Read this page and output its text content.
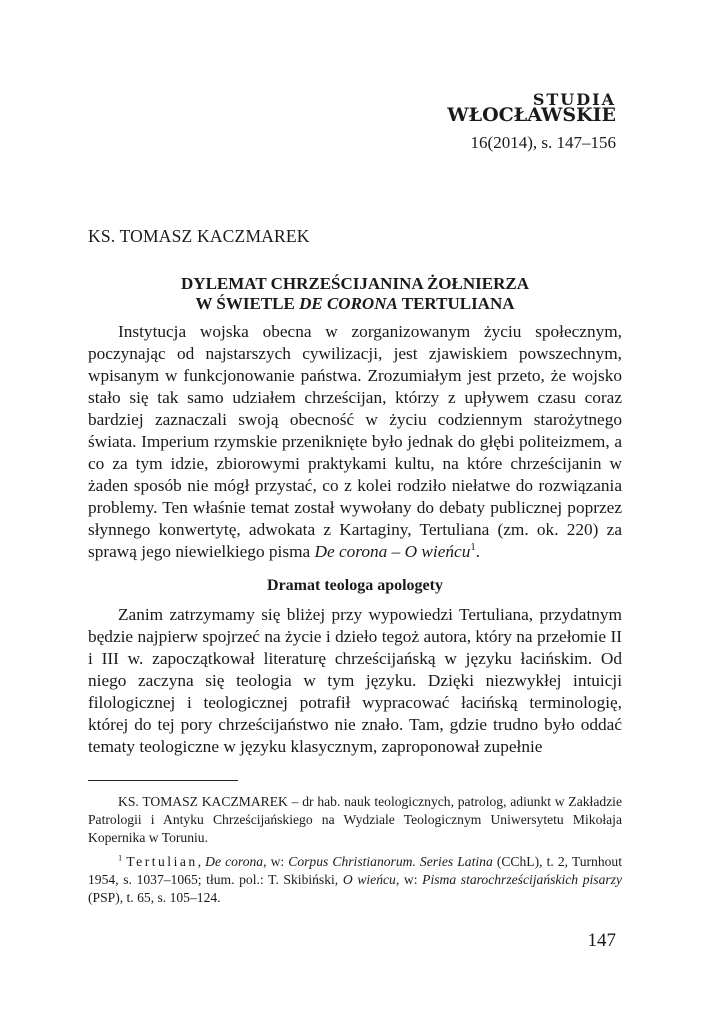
STUDIA
WŁOCŁAWSKIE
16(2014), s. 147–156
KS. TOMASZ KACZMAREK
DYLEMAT CHRZEŚCIJANINA ŻOŁNIERZA
W ŚWIETLE DE CORONA TERTULIANA

Instytucja wojska obecna w zorganizowanym życiu społecznym, poczynając od najstarszych cywilizacji, jest zjawiskiem powszechnym, wpisanym w funkcjonowanie państwa. Zrozumiałym jest przeto, że wojsko stało się tak samo udziałem chrześcijan, którzy z upływem czasu coraz bardziej zaznaczali swoją obecność w życiu codziennym starożytnego świata. Imperium rzymskie przeniknięte było jednak do głębi politeizmem, a co za tym idzie, zbiorowymi praktykami kultu, na które chrześcijanin w żaden sposób nie mógł przystać, co z kolei rodziło niełatwe do rozwiązania problemy. Ten właśnie temat został wywołany do debaty publicznej poprzez słynnego konwertytę, adwokata z Kartaginy, Tertuliana (zm. ok. 220) za sprawą jego niewielkiego pisma De corona – O wieńcu$^1$.

Dramat teologa apologety

Zanim zatrzymamy się bliżej przy wypowiedzi Tertuliana, przydatnym będzie najpierw spojrzeć na życie i dzieło tegoż autora, który na przełomie II i III w. zapoczątkował literaturę chrześcijańską w języku łacińskim. Od niego zaczyna się teologia w tym języku. Dzięki niezwykłej intuicji filologicznej i teologicznej potrafił wypracować łacińską terminologię, której do tej pory chrześcijaństwo nie znało. Tam, gdzie trudno było oddać tematy teologiczne w języku klasycznym, zaproponował zupełnie

KS. TOMASZ KACZMAREK – dr hab. nauk teologicznych, patrolog, adiunkt w Zakładzie Patrologii i Antyku Chrześcijańskiego na Wydziale Teologicznym Uniwersytetu Mikołaja Kopernika w Toruniu.

$^1$ Tertulian, De corona, w: Corpus Christianorum. Series Latina (CChL), t. 2, Turnhout 1954, s. 1037–1065; tłum. pol.: T. Skibiński, O wieńcu, w: Pisma starochrześcijańskich pisarzy (PSP), t. 65, s. 105–124.

147
